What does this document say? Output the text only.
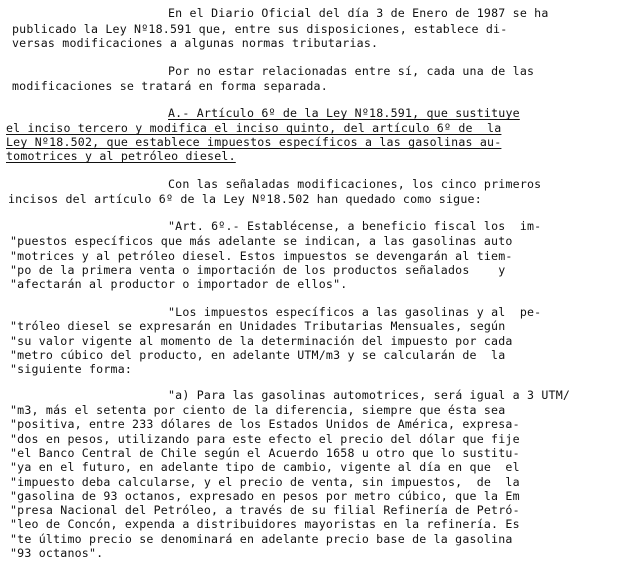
En el Diario Oficial del día 3 de Enero de 1987 se ha
publicado la Ley Nº18.591 que, entre sus disposiciones, establece di-
versas modificaciones a algunas normas tributarias.
Por no estar relacionadas entre sí, cada una de las
modificaciones se tratará en forma separada.
A.- Artículo 6º de la Ley Nº18.591, que sustituye
el inciso tercero y modifica el inciso quinto, del artículo 6º de  la
Ley Nº18.502, que establece impuestos específicos a las gasolinas au-
tomotrices y al petróleo diesel.
Con las señaladas modificaciones, los cinco primeros
incisos del artículo 6º de la Ley Nº18.502 han quedado como sigue:
"Art. 6º.- Establécense, a beneficio fiscal los  im-
"puestos específicos que más adelante se indican, a las gasolinas auto
"motrices y al petróleo diesel. Estos impuestos se devengarán al tiem-
"po de la primera venta o importación de los productos señalados    y
"afectarán al productor o importador de ellos".
"Los impuestos específicos a las gasolinas y al  pe-
"tróleo diesel se expresarán en Unidades Tributarias Mensuales, según
"su valor vigente al momento de la determinación del impuesto por cada
"metro cúbico del producto, en adelante UTM/m3 y se calcularán de  la
"siguiente forma:
"a) Para las gasolinas automotrices, será igual a 3 UTM/
"m3, más el setenta por ciento de la diferencia, siempre que ésta sea
"positiva, entre 233 dólares de los Estados Unidos de América, expresa-
"dos en pesos, utilizando para este efecto el precio del dólar que fije
"el Banco Central de Chile según el Acuerdo 1658 u otro que lo sustitu-
"ya en el futuro, en adelante tipo de cambio, vigente al día en que  el
"impuesto deba calcularse, y el precio de venta, sin impuestos,  de  la
"gasolina de 93 octanos, expresado en pesos por metro cúbico, que la Em
"presa Nacional del Petróleo, a través de su filial Refinería de Petró-
"leo de Concón, expenda a distribuidores mayoristas en la refinería. Es
"te último precio se denominará en adelante precio base de la gasolina
"93 octanos".
